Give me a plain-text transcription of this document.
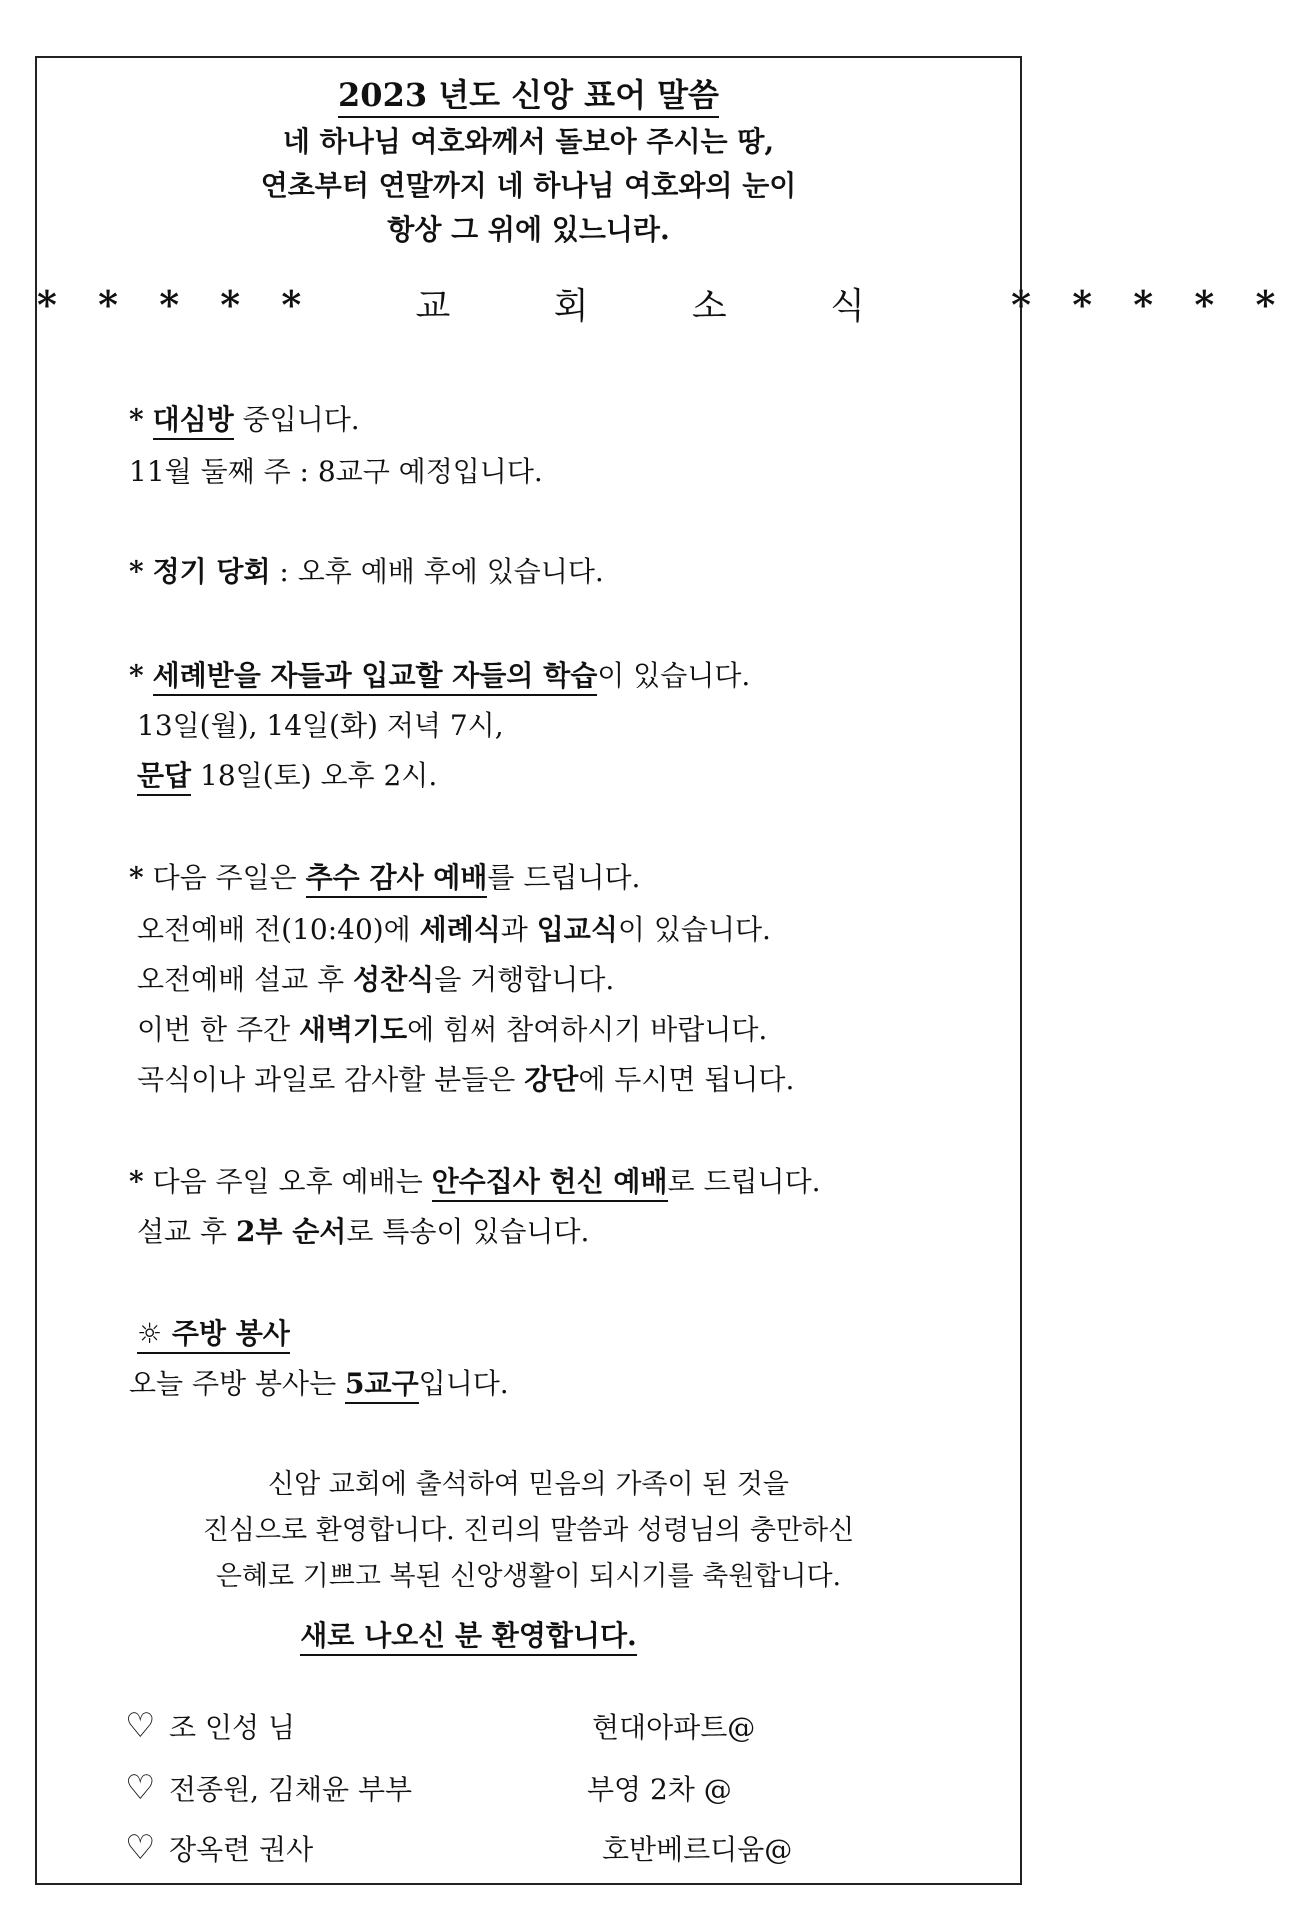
2023 년도 신앙 표어 말씀
네 하나님 여호와께서 돌보아 주시는 땅,
연초부터 연말까지 네 하나님 여호와의 눈이
항상 그 위에 있느니라.
* * * * *	교 회 소 식	* * * * *
* 대심방 중입니다.
11월 둘째 주 : 8교구 예정입니다.
* 정기 당회 : 오후 예배 후에 있습니다.
* 세례받을 자들과 입교할 자들의 학습이 있습니다.
13일(월), 14일(화) 저녁 7시,
문답 18일(토) 오후 2시.
* 다음 주일은 추수 감사 예배를 드립니다.
오전예배 전(10:40)에 세례식과 입교식이 있습니다.
오전예배 설교 후 성찬식을 거행합니다.
이번 한 주간 새벽기도에 힘써 참여하시기 바랍니다.
곡식이나 과일로 감사할 분들은 강단에 두시면 됩니다.
* 다음 주일 오후 예배는 안수집사 헌신 예배로 드립니다.
설교 후 2부 순서로 특송이 있습니다.
☼ 주방 봉사
오늘 주방 봉사는 5교구입니다.
신암 교회에 출석하여 믿음의 가족이 된 것을
진심으로 환영합니다. 진리의 말씀과 성령님의 충만하신
은혜로 기쁘고 복된 신앙생활이 되시기를 축원합니다.
새로 나오신 분 환영합니다.
♡ 조 인성 님	현대아파트@
♡ 전종원, 김채윤 부부	부영 2차 @
♡ 장옥련 권사	호반베르디움@
